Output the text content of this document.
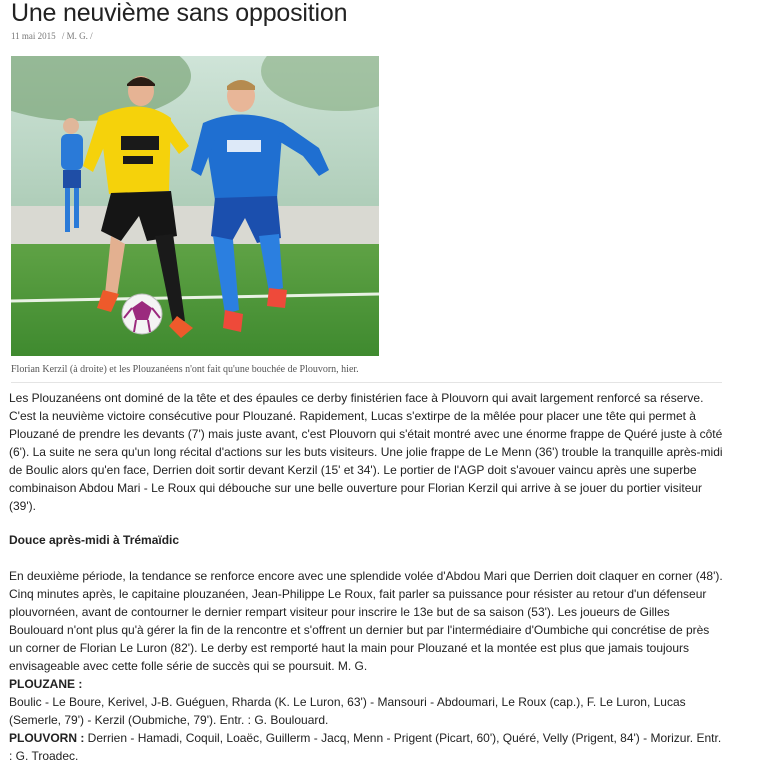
Une neuvième sans opposition
11 mai 2015 / M. G. /
Florian Kerzil (à droite) et les Plouzanéens n'ont fait qu'une bouchée de Plouvorn, hier.

Les Plouzanéens ont dominé de la tête et des épaules ce derby finistérien face à Plouvorn qui avait largement renforcé sa réserve. C'est la neuvième victoire consécutive pour Plouzané. Rapidement, Lucas s'extirpe de la mêlée pour placer une tête qui permet à Plouzané de prendre les devants (7') mais juste avant, c'est Plouvorn qui s'était montré avec une énorme frappe de Quéré juste à côté (6'). La suite ne sera qu'un long récital d'actions sur les buts visiteurs. Une jolie frappe de Le Menn (36') trouble la tranquille après-midi de Boulic alors qu'en face, Derrien doit sortir devant Kerzil (15' et 34'). Le portier de l'AGP doit s'avouer vaincu après une superbe combinaison Abdou Mari - Le Roux qui débouche sur une belle ouverture pour Florian Kerzil qui arrive à se jouer du portier visiteur (39').

Douce après-midi à Trémaïdic

En deuxième période, la tendance se renforce encore avec une splendide volée d'Abdou Mari que Derrien doit claquer en corner (48'). Cinq minutes après, le capitaine plouzanéen, Jean-Philippe Le Roux, fait parler sa puissance pour résister au retour d'un défenseur plouvornéen, avant de contourner le dernier rempart visiteur pour inscrire le 13e but de sa saison (53'). Les joueurs de Gilles Boulouard n'ont plus qu'à gérer la fin de la rencontre et s'offrent un dernier but par l'intermédiaire d'Oumbiche qui concrétise de près un corner de Florian Le Luron (82'). Le derby est remporté haut la main pour Plouzané et la montée est plus que jamais toujours envisageable avec cette folle série de succès qui se poursuit. M. G.

PLOUZANE :

Boulic - Le Boure, Kerivel, J-B. Guéguen, Rharda (K. Le Luron, 63') - Mansouri - Abdoumari, Le Roux (cap.), F. Le Luron, Lucas (Semerle, 79') - Kerzil (Oubmiche, 79'). Entr. : G. Boulouard.

PLOUVORN : Derrien - Hamadi, Coquil, Loaëc, Guillerm - Jacq, Menn - Prigent (Picart, 60'), Quéré, Velly (Prigent, 84') - Morizur. Entr. : G. Troadec.
